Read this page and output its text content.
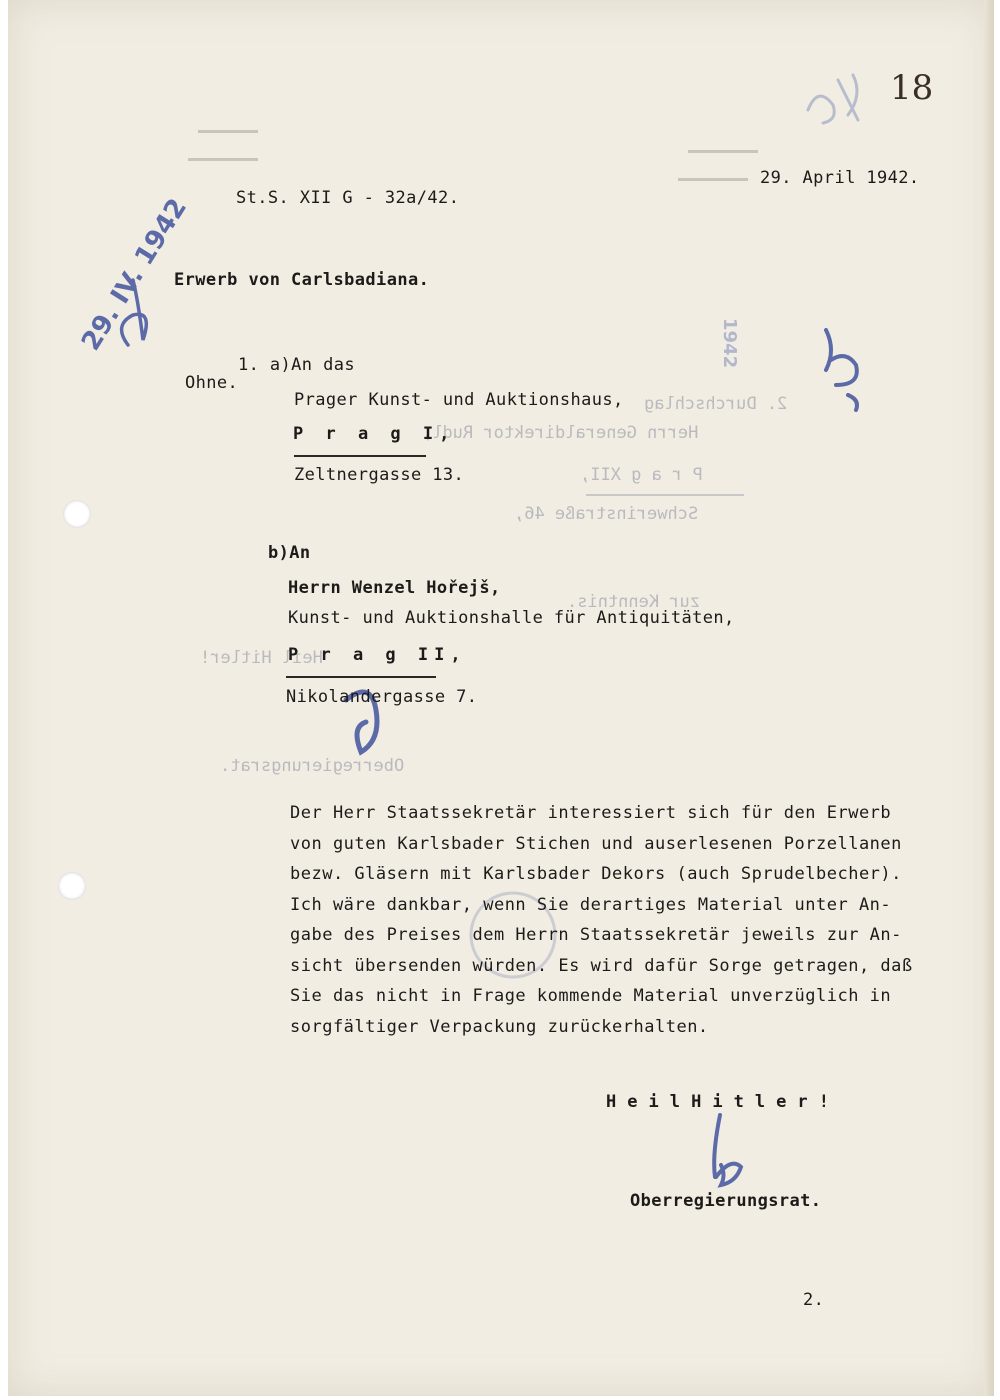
2. Durchschlag
Herrn Generaldirektor Rudl,
P r a g XII,
Schwerinstraße 46,
zur Kenntnis.
Heil Hitler!
Oberregierungsrat.
29. IV. 1942	1942
18

29. April 1942.

St.S. XII G - 32a/42.

Erwerb von Carlsbadiana.

1. a)An das

Ohne.

Prager Kunst- und Auktionshaus,

P r a g I,

Zeltnergasse 13.

b)An

Herrn Wenzel Hořejš,

Kunst- und Auktionshalle für Antiquitäten,

P r a g II,

Nikolandergasse 7.

Der Herr Staatssekretär interessiert sich für den Erwerb
von guten Karlsbader Stichen und auserlesenen Porzellanen
bezw. Gläsern mit Karlsbader Dekors (auch Sprudelbecher).
Ich wäre dankbar, wenn Sie derartiges Material unter An-
gabe des Preises dem Herrn Staatssekretär jeweils zur An-
sicht übersenden würden. Es wird dafür Sorge getragen, daß
Sie das nicht in Frage kommende Material unverzüglich in
sorgfältiger Verpackung zurückerhalten.

H e i l H i t l e r !

Oberregierungsrat.

2.
